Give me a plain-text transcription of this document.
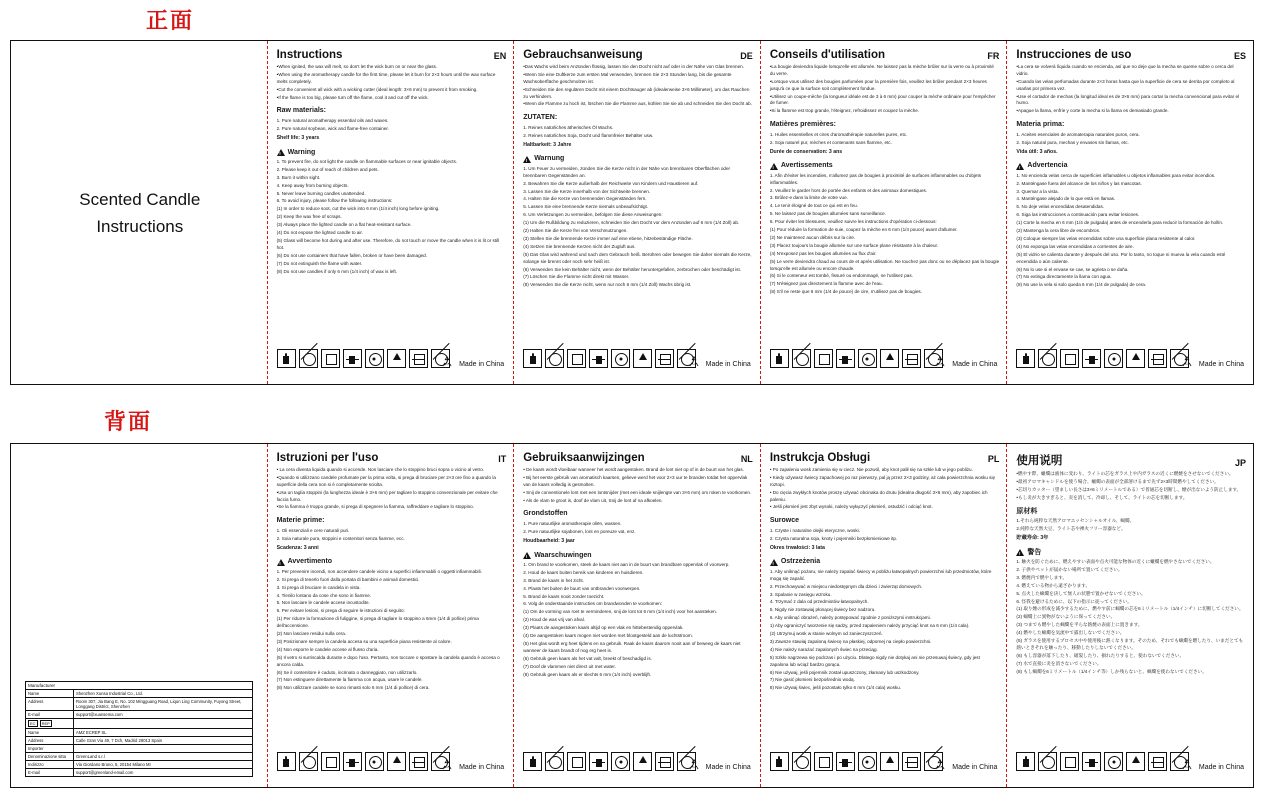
正面
背面
Scented Candle
Instructions
Instructions	EN

•When ignited, the wax will melt, so don't let the wick burn on or near the glass.

•When using the aromatherapy candle for the first time, please let it burn for 2×3 hours until the wax surface melts completely.

•Cut the convenient all wick with a wicking cutter (ideal length: 3×6 mm) to prevent it from smoking.

•If the flame is too big, please turn off the flame, cool it and cut off the wick.

Raw materials:

1. Pure natural aromatherapy essential oils and waxes.

2. Pure natural soybean, wick and flame-free container.

Shelf life: 3 years
!
Warning

1. To prevent fire, do not light the candle on flammable surfaces or near ignitable objects.

2. Please keep it out of reach of children and pets.

3. Burn it within sight.

4. Keep away from burning objects.

5. Never leave burning candles unattended.

6. To avoid injury, please follow the following instructions:

(1) In order to reduce soot, cut the wick into 6 mm (1/4 inch) long before igniting.

(2) Keep the wax free of scraps.

(3) Always place the lighted candle on a flat heat-resistant surface.

(4) Do not expose the lighted candle to air.

(5) Glass will become hot during and after use. Therefore, do not touch or move the candle when it is lit or still hot.

(6) Do not use containers that have fallen, broken or have been damaged.

(7) Do not extinguish the flame with water.

(8) Do not use candles if only 6 mm (1/4 inch) of wax is left.

Made in China
Gebrauchsanweisung	DE

•Das Wachs wird beim Anzünden flüssig, lassen Sie den Docht nicht auf oder in der Nähe von Glas brennen.

•Wenn Sie eine Duftkerze zum ersten Mal verwenden, brennen Sie 2×3 Stunden lang, bis die gesamte Wachsoberfläche geschmolzen ist.

•Schneiden Sie den regulären Docht mit einem Dochtsauger ab (idealerweise 3×6 Millimeter), um das Rauchen zu verhindern.

•Wenn die Flamme zu hoch ist, löschen Sie die Flamme aus, kühlen Sie sie ab und schneiden Sie den Docht ab.

ZUTATEN:

1. Reines natürliches ätherisches Öl Wachs.

2. Reines natürliches Soja, Docht und flammfreier Behälter usw.

Haltbarkeit: 3 Jahre
!
Warnung

1. Um Feuer zu vermeiden, zünden Sie die Kerze nicht in der Nähe von brennbaren Oberflächen oder brennbaren Gegenständen an.

2. Bewahren Sie die Kerze außerhalb der Reichweite von Kindern und Haustieren auf.

3. Lassen Sie die Kerze innerhalb von der Sichtweite brennen.

4. Halten Sie die Kerze von brennenden Gegenständen fern.

5. Lassen Sie eine brennende Kerze niemals unbeaufsichtigt.

6. Um Verletzungen zu vermeiden, befolgen Sie diese Anweisungen:

(1) Um die Rußbildung zu reduzieren, schneiden Sie den Docht vor dem Anzünden auf 6 mm (1/4 Zoll) ab.

(2) Halten Sie die Kerze frei von Verschmutzungen.

(3) Stellen Sie die brennende Kerze immer auf eine ebene, hitzebeständige Fläche.

(4) Setzen Sie brennende Kerzen nicht der Zugluft aus.

(5) Das Glas wird während und nach dem Gebrauch heiß. Berühren oder bewegen Sie daher niemals die Kerze, solange sie brennt oder noch sehr heiß ist.

(6) Verwenden Sie kein Behälter nicht, wenn der Behälter heruntergefallen, zerbrochen oder beschädigt ist.

(7) Löschen Sie die Flamme nicht direkt mit Wasser.

(8) Verwenden Sie die Kerze nicht, wenn nur noch 6 mm (1/4 Zoll) Wachs übrig ist.

Made in China
Conseils d'utilisation	FR

•La bougie deviendra liquide lorsqu'elle est allumée. Ne laissez pas la mèche brûler sur la verre ou à proximité du verre.

•Lorsque vous utilisez des bougies parfumées pour la première fois, veuillez les brûler pendant 2×3 heures jusqu'à ce que la surface soit complètement fondue.

•Utilisez un coupe-mèche (la longueur idéale est de 3 à 6 mm) pour couper la mèche ordinaire pour l'empêcher de fumer.

•Si la flamme est trop grande, l'éteignez, refroidissez et coupez la mèche.

Matières premières:

1. Huiles essentielles et cires d'aromathérapie naturelles pures, etc.

2. Soja naturel pur, mèches et contenants sans flamme, etc.

Durée de conservation: 3 ans
!
Avertissements

1. Afin d'éviter les incendies, n'allumez pas de bougies à proximité de surfaces inflammables ou d'objets inflammables.

2. Veuillez le garder hors de portée des enfants et des animaux domestiques.

3. Brûlez-e dans la limite de votre vue.

4. Le tenir éloigné de tout ce qui est en feu.

5. Ne laissez pas de bougies allumées sans surveillance.

6. Pour éviter les blessures, veuillez suivre les instructions d'opération ci-dessous:

(1) Pour réduire la formation de suie, coupez la mèche en 6 mm (1/4 pouce) avant d'allumer.

(2) Ne maintenez aucun débris sur la cire.

(3) Placez toujours la bougie allumée sur une surface plane résistante à la chaleur.

(4) N'exposez pas les bougies allumées au flux d'air.

(5) Le verre deviendra chaud au cours de et après utilisation. Ne touchez pas donc ou ne déplacez pas la bougie lorsqu'elle est allumée ou encore chaude.

(6) Si le conteneur est tombé, fissuré ou endommagé, ne l'utilisez pas.

(7) N'éteignez pas directement la flamme avec de l'eau.

(8) S'il ne reste que 6 mm (1/4 de pouce) de cire, n'utilisez pas de bougies.

Made in China
Instrucciones de uso	ES

•La cera se volverá líquida cuando se encienda, así que no deje que la mecha se queme sobre o cerca del vidrio.

•Cuando las velas perfumadas durante 2×3 horas hasta que la superficie de cera se derrita por completo al usarlas por primera vez.

•Use el cortador de mechas (la longitud ideal es de 3×6 mm) para cortar la mecha convencional para evitar el humo.

•Apague la llama, enfríe y corte la mecha si la llama es demasiado grande.

Materia prima:

1. Aceites esenciales de aromaterapia naturales puros, cera.

2. Soja natural pura, mechas y envases sin llamas, etc.

Vida útil: 3 años.
!
Advertencia

1. No encienda velas cerca de superficies inflamables u objetos inflamables para evitar incendios.

2. Manténgase fuera del alcance de los niños y las mascotas.

3. Quemar a la vista.

4. Manténgase alejado de lo que está en llamas.

5. No deje velas encendidas desatendidas.

6. Siga las instrucciones a continuación para evitar lesiones.

(1) Corte la mecha en 6 mm (1/4 de pulgada) antes de encenderla para reducir la formación de hollín.

(2) Mantenga la cera libre de escombros.

(3) Coloque siempre las velas encendidas sobre una superficie plana resistente al calor.

(4) No exponga las velas encendidas a corrientes de aire.

(5) El vidrio se calienta durante y después del uso. Por lo tanto, no toque ni mueva la vela cuando esté encendida o aún caliente.

(6) No lo use si el envase se cae, se agrieta o se daña.

(7) No extinga directamente la llama con agua.

(8) No use la vela si solo queda 6 mm (1/4 de pulgada) de cera.

Made in China
Manufacturer
Name	Shenzhen Xunsa Industrial Co., Ltd.
Address	Room 307, Jia Bang E, No. 102 Mingguang Road, Liqun Ling Community, Fuyong Street, Longgang District, Shenzhen
E-mail	support@xuansema.com
EC	REP
Name	AMZ ECREP SL
Address	Calle Gran Via 49, 7 Dch, Madrid 28013 Spain
Importer
Denominazione sitta	GreenLand s.r.l
Indirizzo	Via Giordano Bruno, 5, 20154 Milano MI
E-mail	support@greenland-email.com
Istruzioni per l'uso	IT

• La cera diventa liquida quando si accende. Non lasciare che lo stoppino bruci sopra o vicino al vetro.

•Quando si utilizzano candele profumate per la prima volta, si prega di bruciare per 2×3 ore fino a quando la superficie della cera non si è completamente sciolta.

•Usa un taglia stoppini (la lunghezza ideale è 3×6 mm) per tagliare lo stoppino convenzionale per evitare che faccia fumo.

•Se la fiamma è troppo grande, si prega di spegnere la fiamma, raffreddare e tagliare lo stoppino.

Materie prime:

1. Oli essenziali e cere naturali puri.

2. Soia naturale pura, stoppini e contenitori senza fiamme, ecc.

Scadenza: 3 anni
!
Avvertimento

1. Per prevenire incendi, non accendere candele vicino a superfici infiammabili o oggetti infiammabili.

2. Si prega di tenerlo fuori dalla portata di bambini e animali domestici.

3. Si prega di bruciare in candela in vista.

4. Tienilo lontano da cose che sono in fiamme.

5. Non lasciare le candele accese incustodite.

6. Per evitare lesioni, si prega di seguire le istruzioni di seguito:

(1) Per ridurre la formazione di fuliggine, si prega di tagliare lo stoppino a 6mm (1/4 di pollice) prima dell'accensione.

(2) Non lasciare residui sulla cera.

(3) Posizionare sempre la candela accesa su una superficie piana resistente al calore.

(4) Non esporre le candele accese al flusso d'aria.

(5) Il vetro si surriscalda durante e dopo l'uso. Pertanto, non toccare o spostare la candela quando è accesa o ancora calda.

(6) Se il contenitore è caduto, incrinato o danneggiato, non utilizzarlo.

(7) Non estinguere direttamente la fiamma con acqua, usare le candele.

(8) Non utilizzare candele se sono rimasti solo 6 mm (1/4 di pollice) di cera.

Made in China
Gebruiksaanwijzingen	NL

• De kaars wordt vloeibaar wanneer het wordt aangestoken. Brand de lont niet op of in de buurt van het glas.

• Bij het eerste gebruik van aromatisch kaarsen, gelieve werd het voor 2×3 uur te branden totdat het oppervlak van de kaars volledig is gesmolten.

• Snij de conventionele lont met een lontsnijder (met een ideale snijlengte van 3×6 mm) om roken te voorkomen.

• Als de vlam te groot is, doof de vlam uit, Snij de lont af na afkoelen.

Grondstoffen

1. Pure natuurlijke aromatherapie oliën, wassen.

2. Pure natuurlijke sojabonen, lont en poreuze vat, enz.

Houdbaarheid: 3 jaar
!
Waarschuwingen

1. Om brand te voorkomen, steek de kaars niet aan in de buurt van brandbare oppervlak of voorwerp.

2. Houd de kaars buiten bereik van kinderen en huisdieren.

3. Brand de kaars in het zicht.

4. Plaats het buiten de buurt van ontbranden voorwerpen.

5. Brand de kaars nooit zonder toezicht.

6. Volg de onderstaande instructies om brandwonden te voorkomen:

(1) Om de vorming van roet te verminderen, snij de lont tot 6 mm (1/4 inch) voor het aansteken.

(2) Houd de was vrij van afval.

(3) Plaats de aangestoken kaars altijd op een vlak en hittebestendig oppervlak.

(4) De aangestoken kaars mogen niet worden met blootgesteld aan de luchtstroom.

(5) Het glas wordt erg heet tijdens en na gebruik. Raak de kaars daarom nooit aan of beweeg de kaars niet wanneer de kaars brandt of nog erg heet is.

(6) Gebruik geen kaars als het vat valt, breekt of beschadigd is.

(7) Doof de vlammen niet direct uit met water.

(8) Gebruik geen kaars als er slechts 6 mm (1/4 inch) overblijft.

Made in China
Instrukcja Obsługi	PL

• Po zapaleniu wosk zamienia się w ciecz. Nie pozwól, aby knot palił się na szkle lub w jego pobliżu.

• Kiedy używasz świecy zapachowej po raz pierwszy, pal ją przez 2×3 godziny, aż cała powierzchnia wosku się roztopi.

• Do cięcia zwykłych knotów proszę używać obcinaka do drutu (idealna długość 3×6 mm), aby zapobiec ich paleniu.

• Jeśli płomień jest zbyt wysoki, należy wyłączyć płomień, ostudzić i odciąć knot.

Surowce

1. Czyste i naturalne olejki eteryczne, woski.

2. Czysta naturalna soja, knoty i pojemniki bezpłomieniowe itp.

Okres trwałości: 3 lata
!
Ostrzeżenia

1. Aby uniknąć pożaru, nie należy zapalać świecy w pobliżu łatwopalnych powierzchni lub przedmiotów, które mogą się zapalić.

2. Przechowywać w miejscu niedostępnym dla dzieci i zwierząt domowych.

3. Spalanie w zasięgu wzroku.

4. Trzymać z dala od przedmiotów łatwopalnych.

5. Nigdy nie zostawiaj płonącej świecy bez nadzoru.

6. Aby uniknąć obrażeń, należy postępować zgodnie z poniższymi instrukcjami.

1) Aby ograniczyć tworzenie się sadzy, przed zapaleniem należy przyciąć knot na 6 mm (1/4 cala).

(2) Utrzymuj wosk w stanie wolnym od zanieczyszczeń.

3) Zawsze stawiaj zapaloną świecę na płaskiej, odpornej na ciepło powierzchni.

4) Nie należy narażać zapalonych świec na przeciąg.

5) Szkło nagrzewa się podczas i po użyciu. Dlatego nigdy nie dotykaj ani nie przesuwaj świecy, gdy jest zapalona lub wciąż bardzo gorąca.

6) Nie używaj, jeśli pojemnik został upuszczony, złamany lub uszkodzony.

7) Nie gasić płomieni bezpośrednio wodą.

8) Nie używaj świec, jeśli pozostało tylko 6 mm (1/4 cala) wosku.

Made in China
使用说明	JP

•燃やす際、蠟燭は液体に変わり、ライトの芯をガラス上や内ガラスの近くに燃焼をさせないでください。

•最初アロマキャンドルを使う場合、蠟燭の表面が全部溶けるまで先ず2×3時間燃やしてください。

•芯切りカッター（望ましい長さは3×6ミリメートルである）で普通芯を切断し、煙が出ないよう防止します。

•もし炎が大きすぎると、炎を消して、冷却し、そして、ライトの芯を切断します。

原材料

1.それら純粋な天然アロマエッセンシャルオイル、蝋燭。

2.純粋な天然大豆、ライト芯や裸火フリー容器など。

貯蔵寿命: 3年
!
警告

1. 触火を防ぐために、燃えやすい表面や点火可能な物体の近くに蠟燭を燃やさないでください。

2. 子供やペットが届かない場所で置いてください。

3. 燃焼内で燃やします。

4. 燃えている物から遠ざかります。

5. 点火した蝋燭を決して無人の状態で置かせないでください。

6. 怪我を避けるために、以下の指示に従ってください。

(1) 取り煙の形成を減少するために、燃やす前に蝋燭の芯を6ミリメートル（1/4インチ）に切断してください。

(2) 蝋燭上に異物がないように保ってください。

(3) つまでも燃やした蝋燭を平らな熱焼の表面上に置きます。

(4) 燃やした蝋燭を気流中で露出しないでください。

(5) ガラスを使用するプロセス中や使用後に熱くなります。そのため、それでも蝋燭を燃したり、いまだとても熱いときそれを触ったり、移動したりしないでください。

(6) もし容器が落下したり、破裂したり、損れたりすると、使わないでください。

(7) 水で直接に炎を消さないでください。

(8) もし蝋燭を6ミリメートル（1/4インチ等）しか残らないと、蝋燭を使わないでください。

Made in China
